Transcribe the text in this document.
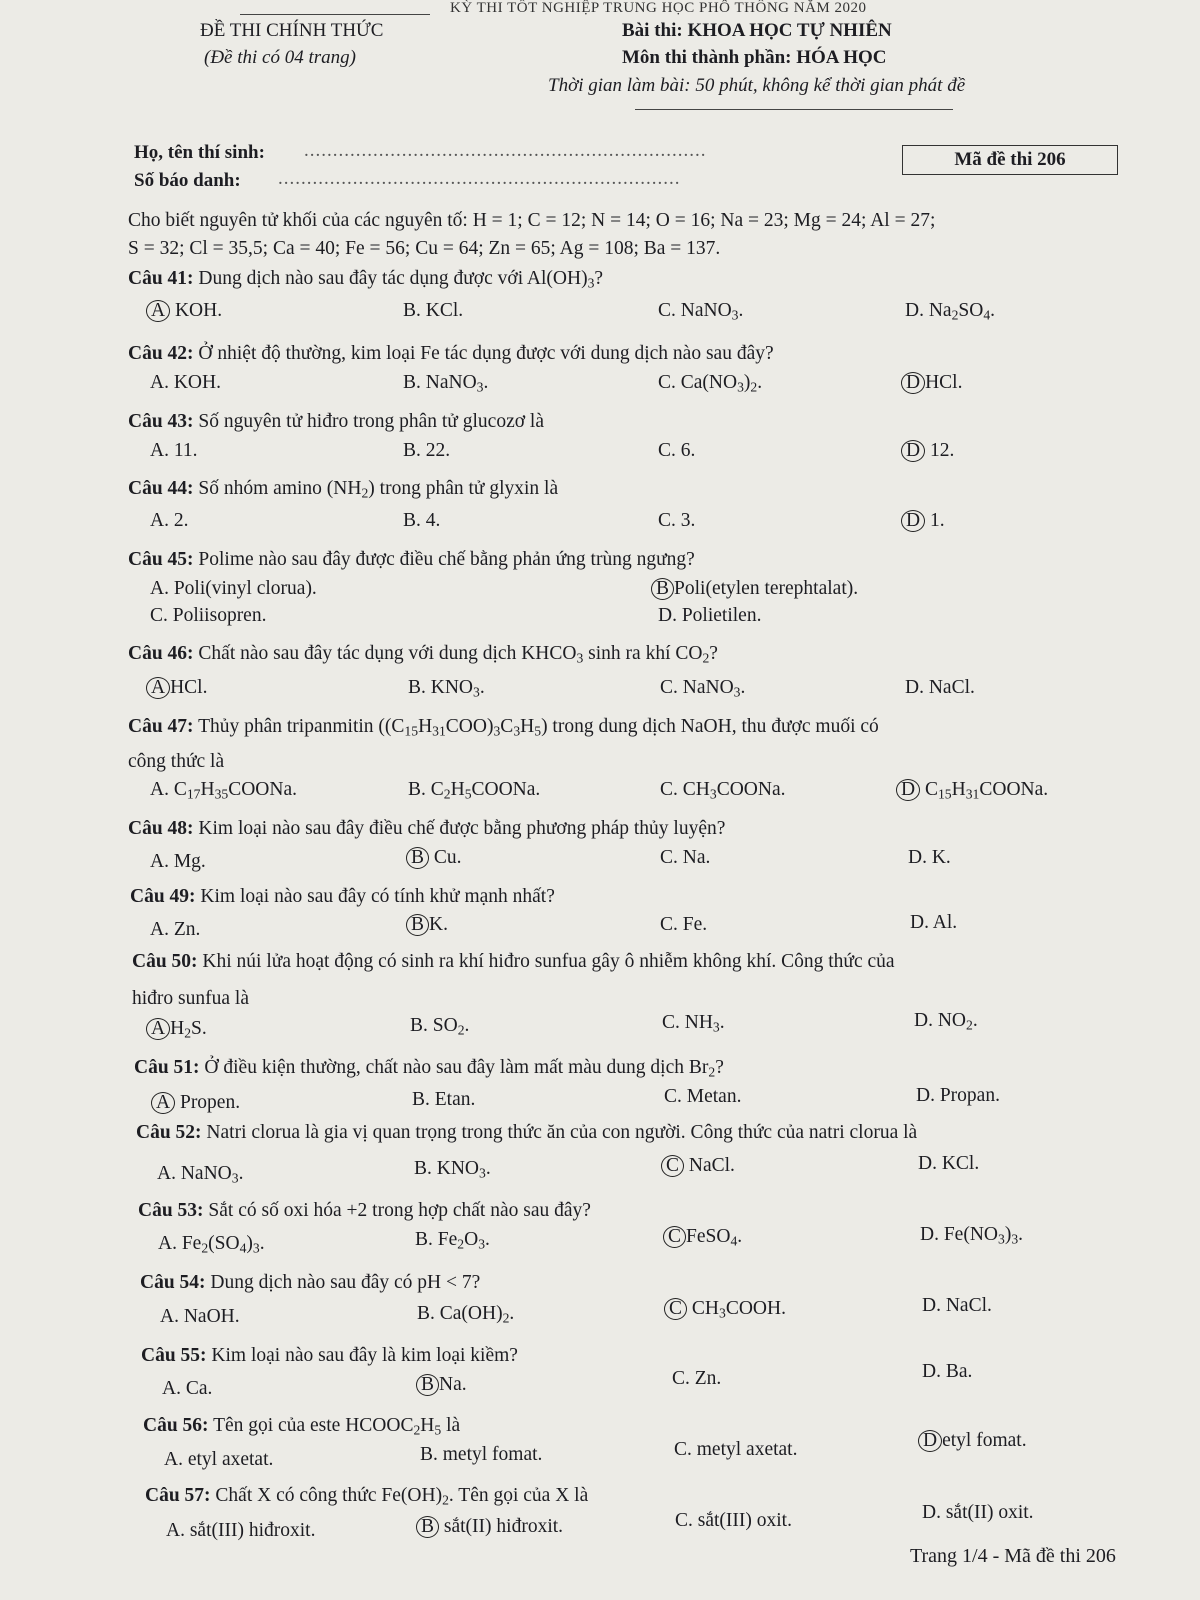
KỲ THI TỐT NGHIỆP TRUNG HỌC PHỔ THÔNG NĂM 2020
ĐỀ THI CHÍNH THỨC
(Đề thi có 04 trang)
Bài thi: KHOA HỌC TỰ NHIÊN
Môn thi thành phần: HÓA HỌC
Thời gian làm bài: 50 phút, không kể thời gian phát đề
Họ, tên thí sinh: ......................................................................
Số báo danh: ......................................................................
Mã đề thi 206
Cho biết nguyên tử khối của các nguyên tố: H = 1; C = 12; N = 14; O = 16; Na = 23; Mg = 24; Al = 27;
S = 32; Cl = 35,5; Ca = 40; Fe = 56; Cu = 64; Zn = 65; Ag = 108; Ba = 137.
Câu 41: Dung dịch nào sau đây tác dụng được với $Al(OH)_3$?
A KOH.	B. KCl.	C. NaNO$_3$.	D. $Na_2SO_4$.
Câu 42: Ở nhiệt độ thường, kim loại Fe tác dụng được với dung dịch nào sau đây?
A. KOH.	B. NaNO$_3$.	C. $Ca(NO_3)_2$.	D HCl.
Câu 43: Số nguyên tử hiđro trong phân tử glucozơ là
A. 11.	B. 22.	C. 6.	D 12.
Câu 44: Số nhóm amino $(NH_2)$ trong phân tử glyxin là
A. 2.	B. 4.	C. 3.	D 1.
Câu 45: Polime nào sau đây được điều chế bằng phản ứng trùng ngưng?
A. Poli(vinyl clorua).	B Poli(etylen terephtalat).
C. Poliisopren.	D. Polietilen.
Câu 46: Chất nào sau đây tác dụng với dung dịch $KHCO_3$ sinh ra khí $CO_2$?
A HCl.	B. $KNO_3$.	C. NaNO$_3$.	D. NaCl.
Câu 47: Thủy phân tripanmitin $((C_{15}H_{31}COO)_3C_3H_5)$ trong dung dịch NaOH, thu được muối có
công thức là
A. $C_{17}H_{35}COONa$.	B. $C_2H_5COONa$.	C. $CH_3COONa$.	D $C_{15}H_{31}COONa$.
Câu 48: Kim loại nào sau đây điều chế được bằng phương pháp thủy luyện?
A. Mg.	B Cu.	C. Na.	D. K.
Câu 49: Kim loại nào sau đây có tính khử mạnh nhất?
A. Zn.	B K.	C. Fe.	D. Al.
Câu 50: Khi núi lửa hoạt động có sinh ra khí hiđro sunfua gây ô nhiễm không khí. Công thức của
hiđro sunfua là
A $H_2S$.	B. $SO_2$.	C. $NH_3$.	D. $NO_2$.
Câu 51: Ở điều kiện thường, chất nào sau đây làm mất màu dung dịch $Br_2$?
A Propen.	B. Etan.	C. Metan.	D. Propan.
Câu 52: Natri clorua là gia vị quan trọng trong thức ăn của con người. Công thức của natri clorua là
A. NaNO$_3$.	B. $KNO_3$.	C NaCl.	D. KCl.
Câu 53: Sắt có số oxi hóa +2 trong hợp chất nào sau đây?
A. $Fe_2(SO_4)_3$.	B. $Fe_2O_3$.	C FeSO$_4$.	D. $Fe(NO_3)_3$.
Câu 54: Dung dịch nào sau đây có pH < 7?
A. NaOH.	B. $Ca(OH)_2$.	C $CH_3COOH$.	D. NaCl.
Câu 55: Kim loại nào sau đây là kim loại kiềm?
A. Ca.	B Na.	C. Zn.	D. Ba.
Câu 56: Tên gọi của este $HCOOC_2H_5$ là
A. etyl axetat.	B. metyl fomat.	C. metyl axetat.	D etyl fomat.
Câu 57: Chất X có công thức $Fe(OH)_2$. Tên gọi của X là
A. sắt(III) hiđroxit.	B sắt(II) hiđroxit.	C. sắt(III) oxit.	D. sắt(II) oxit.
Trang 1/4 - Mã đề thi 206
